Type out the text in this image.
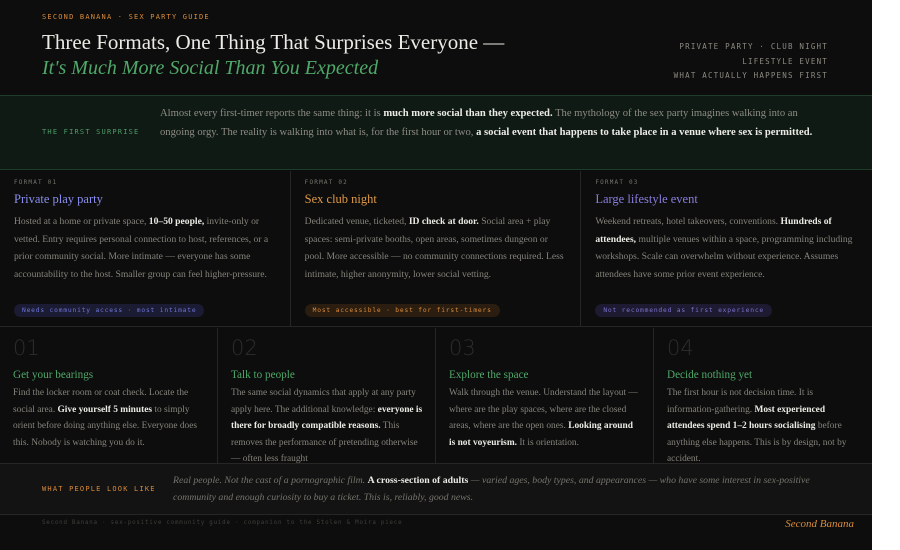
SECOND BANANA · SEX PARTY GUIDE
Three Formats, One Thing That Surprises Everyone —
It's Much More Social Than You Expected
PRIVATE PARTY · CLUB NIGHT
LIFESTYLE EVENT
WHAT ACTUALLY HAPPENS FIRST
THE FIRST SURPRISE
Almost every first-timer reports the same thing: it is much more social than they expected. The mythology of the sex party imagines walking into an ongoing orgy. The reality is walking into what is, for the first hour or two, a social event that happens to take place in a venue where sex is permitted.
FORMAT 01
Private play party
Hosted at a home or private space, 10–50 people, invite-only or vetted. Entry requires personal connection to host, references, or a prior community social. More intimate — everyone has some accountability to the host. Smaller group can feel higher-pressure.
Needs community access · most intimate
FORMAT 02
Sex club night
Dedicated venue, ticketed, ID check at door. Social area + play spaces: semi-private booths, open areas, sometimes dungeon or pool. More accessible — no community connections required. Less intimate, higher anonymity, lower social vetting.
Most accessible · best for first-timers
FORMAT 03
Large lifestyle event
Weekend retreats, hotel takeovers, conventions. Hundreds of attendees, multiple venues within a space, programming including workshops. Scale can overwhelm without experience. Assumes attendees have some prior event experience.
Not recommended as first experience
01
Get your bearings
Find the locker room or coat check. Locate the social area. Give yourself 5 minutes to simply orient before doing anything else. Everyone does this. Nobody is watching you do it.
02
Talk to people
The same social dynamics that apply at any party apply here. The additional knowledge: everyone is there for broadly compatible reasons. This removes the performance of pretending otherwise — often less fraught
03
Explore the space
Walk through the venue. Understand the layout — where are the play spaces, where are the closed areas, where are the open ones. Looking around is not voyeurism. It is orientation.
04
Decide nothing yet
The first hour is not decision time. It is information-gathering. Most experienced attendees spend 1–2 hours socialising before anything else happens. This is by design, not by accident.
WHAT PEOPLE LOOK LIKE
Real people. Not the cast of a pornographic film. A cross-section of adults — varied ages, body types, and appearances — who have some interest in sex-positive community and enough curiosity to buy a ticket. This is, reliably, good news.
Second Banana · sex-positive community guide · companion to the Stolen & Moira piece	Second Banana
